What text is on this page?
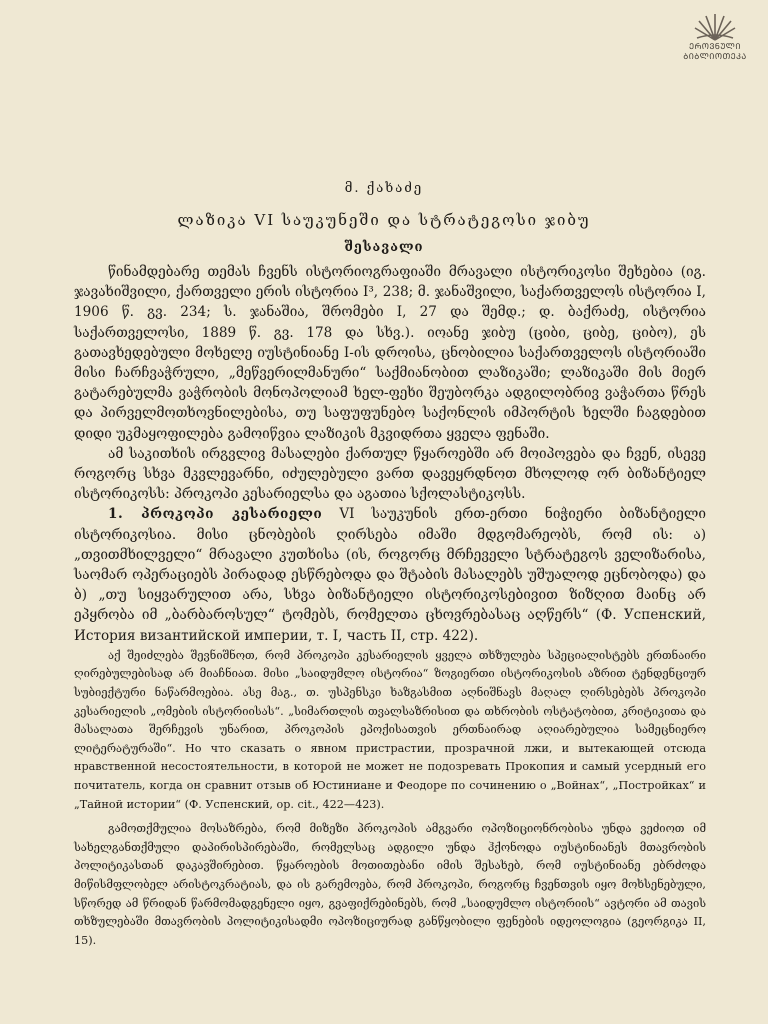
ᲔᲠᲝᲕᲜᲣᲚᲘ
ᲑᲘᲑᲚᲘᲝᲗᲔᲙᲐ
მ. ქახაძე
ლაზიკა VI საუკუნეში და სტრატეგოსი ჯიბუ
შესავალი

წინამდებარე თემას ჩვენს ისტორიოგრაფიაში მრავალი ისტორიკოსი შეხებია (იგ. ჯავახიშვილი, ქართველი ერის ისტორია I³, 238; მ. ჯანაშვილი, საქართველოს ისტორია I, 1906 წ. გვ. 234; ს. ჯანაშია, შრომები I, 27 და შემდ.; დ. ბაქრაძე, ისტორია საქართველოსი, 1889 წ. გვ. 178 და სხვ.). იოანე ჯიბუ (ციბი, ციბე, ციბო), ეს გათავხედებული მოხელე იუსტინიანე I-ის დროისა, ცნობილია საქართველოს ისტორიაში მისი ჩარჩვაჭრული, „მეწვერილმანური“ საქმიანობით ლაზიკაში; ლაზიკაში მის მიერ გატარებულმა ვაჭრობის მონოპოლიამ ხელ-ფეხი შეუბორკა ადგილობრივ ვაჭართა წრეს და პირველმოთხოვნილებისა, თუ საფუფუნებო საქონლის იმპორტის ხელში ჩაგდებით დიდი უკმაყოფილება გამოიწვია ლაზიკის მკვიდრთა ყველა ფენაში.

ამ საკითხის ირგვლივ მასალები ქართულ წყაროებში არ მოიპოვება და ჩვენ, ისევე როგორც სხვა მკვლევარნი, იძულებული ვართ დავეყრდნოთ მხოლოდ ორ ბიზანტიელ ისტორიკოსს: პროკოპი კესარიელსა და აგათია სქოლასტიკოსს.

1. პროკოპი კესარიელი VI საუკუნის ერთ-ერთი ნიჭიერი ბიზანტიელი ისტორიკოსია. მისი ცნობების ღირსება იმაში მდგომარეობს, რომ ის: ა) „თვითმხილველი“ მრავალი კუთხისა (ის, როგორც მრჩეველი სტრატეგოს ველიზარისა, საომარ ოპერაციებს პირადად ესწრებოდა და შტაბის მასალებს უშუალოდ ეცნობოდა) და ბ) „თუ სიყვარულით არა, სხვა ბიზანტიელი ისტორიკოსებივით ზიზღით მაინც არ ეპყრობა იმ „ბარბაროსულ“ ტომებს, რომელთა ცხოვრებასაც აღწერს“ (Ф. Успенский, История византийской империи, т. I, часть II, стр. 422).

აქ შეიძლება შევნიშნოთ, რომ პროკოპი კესარიელის ყველა თხზულება სპეციალისტებს ერთნაირი ღირებულებისად არ მიაჩნიათ. მისი „საიდუმლო ისტორია“ ზოგიერთი ისტორიკოსის აზრით ტენდენციურ სუბიექტური ნაწარმოებია. ასე მაგ., თ. უსპენსკი ხაზგასმით აღნიშნავს მაღალ ღირსებებს პროკოპი კესარიელის „ომების ისტორიისას“. „სიმართლის თვალსაზრისით და თხრობის ოსტატობით, კრიტიკითა და მასალათა შერჩევის უნარით, პროკოპის ეპოქისათვის ერთნაირად აღიარებულია სამეცნიერო ლიტერატურაში“. Но что сказать о явном пристрастии, прозрачной лжи, и вытекающей отсюда нравственной несостоятельности, в которой не может не подозревать Прокопия и самый усердный его почитатель, когда он сравнит отзыв об Юстиниане и Феодоре по сочинению о „Войнах“, „Постройках“ и „Тайной истории“ (Ф. Успенский, op. cit., 422—423).

გამოთქმულია მოსაზრება, რომ მიზეზი პროკოპის ამგვარი ოპოზიციონრობისა უნდა ვეძიოთ იმ სახელგანთქმული დაპირისპირებაში, რომელსაც ადგილი უნდა ჰქონოდა იუსტინიანეს მთავრობის პოლიტიკასთან დაკავშირებით. წყაროების მოთითებანი იმის შესახებ, რომ იუსტინიანე ებრძოდა მიწისმფლობელ არისტოკრატიას, და ის გარემოება, რომ პროკოპი, როგორც ჩვენთვის იყო მოხსენებული, სწორედ ამ წრიდან წარმომადგენელი იყო, გვაფიქრებინებს, რომ „საიდუმლო ისტორიის“ ავტორი ამ თავის თხზულებაში მთავრობის პოლიტიკისადმი ოპოზიციურად განწყობილი ფენების იდეოლოგია (გეორგიკა II, 15).
